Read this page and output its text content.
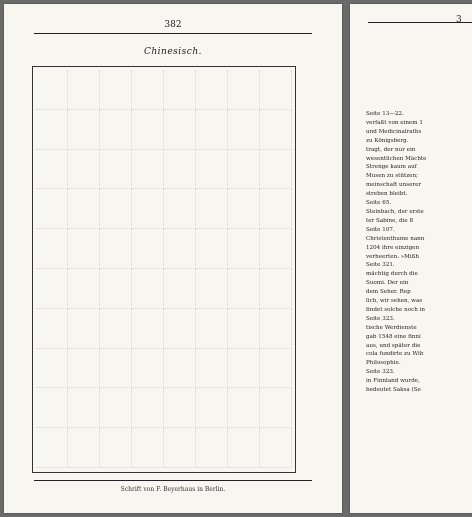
382
Chinesisch.
Schrift von F. Beyerhaus in Berlin.
3
Seite 13—22.
verfaßt von einem 1
und Medicinalraths
zu Königsberg.
tragt, der nur ein
wesentlichen Mächte
Strenge kaum auf
Musen zu stützen;
meinschaft unserer
streben bleibt.
Seite 65.
Steinbach, der erste
ter Sabine, die 8
Seite 107.
Christenthume nann
1204 ihre einzigen
verheerten. »Mißh
Seite 321.
mächtig durch die
Suomi. Der ein
dem Seher. Rep
lich, wir sehen, was
findet solche noch in
Seite 323.
tische Werdienste
gab 1548 eine finni
aus, und später die
cola fundirte zu Wib
Philosophie.
Seite 323.
in Finnland wurde,
bedeutet Saksa (Se
